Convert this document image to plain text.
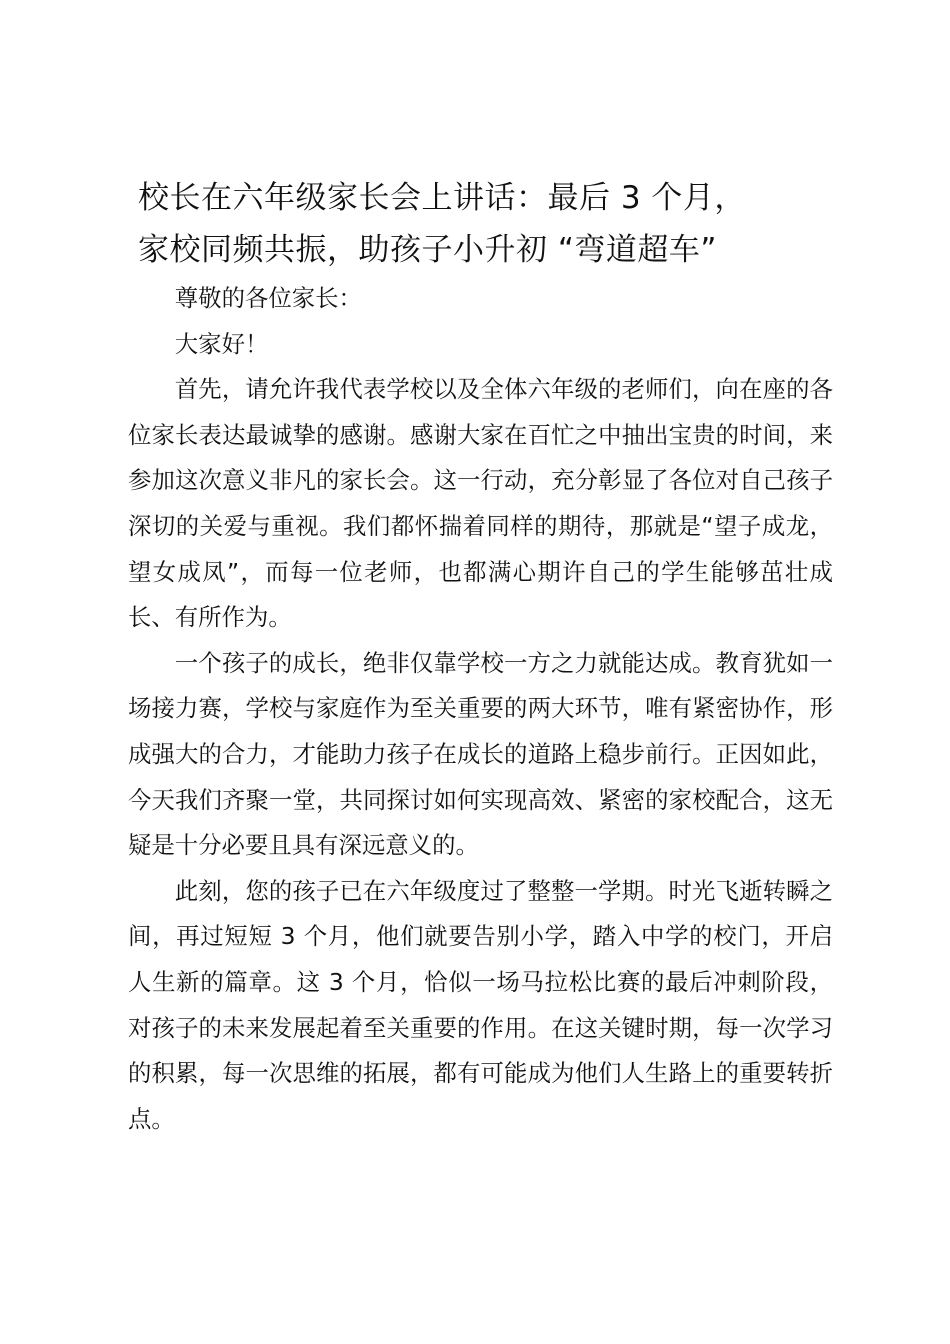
校长在六年级家长会上讲话：最后 3 个月，
家校同频共振，助孩子小升初 “弯道超车”

尊敬的各位家长：

大家好！

首先，请允许我代表学校以及全体六年级的老师们，向在座的各位家长表达最诚挚的感谢。感谢大家在百忙之中抽出宝贵的时间，来参加这次意义非凡的家长会。这一行动，充分彰显了各位对自己孩子深切的关爱与重视。我们都怀揣着同样的期待，那就是“望子成龙，望女成凤”，而每一位老师，也都满心期许自己的学生能够茁壮成长、有所作为。

一个孩子的成长，绝非仅靠学校一方之力就能达成。教育犹如一场接力赛，学校与家庭作为至关重要的两大环节，唯有紧密协作，形成强大的合力，才能助力孩子在成长的道路上稳步前行。正因如此，今天我们齐聚一堂，共同探讨如何实现高效、紧密的家校配合，这无疑是十分必要且具有深远意义的。

此刻，您的孩子已在六年级度过了整整一学期。时光飞逝转瞬之间，再过短短 3 个月，他们就要告别小学，踏入中学的校门，开启人生新的篇章。这 3 个月，恰似一场马拉松比赛的最后冲刺阶段，对孩子的未来发展起着至关重要的作用。在这关键时期，每一次学习的积累，每一次思维的拓展，都有可能成为他们人生路上的重要转折点。
